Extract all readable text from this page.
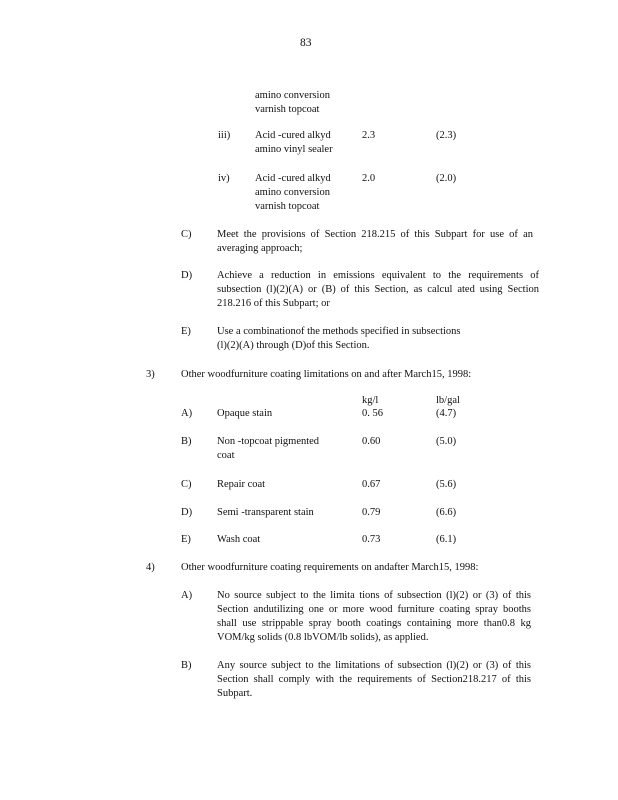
83
amino conversion
varnish topcoat
iii) Acid -cured alkyd
amino vinyl sealer
2.3	(2.3)
iv) Acid -cured alkyd
amino conversion
varnish topcoat
2.0	(2.0)
C) Meet the provisions of Section 218.215 of this Subpart for use of an averaging approach;
D) Achieve a reduction in emissions equivalent to the requirements of subsection (l)(2)(A) or (B) of this Section, as calcul ated using Section 218.216 of this Subpart; or
E) Use a combinationof the methods specified in subsections
(l)(2)(A) through (D)of this Section.
3)	Other woodfurniture coating limitations on and after March15, 1998:
kg/l	lb/gal
A) Opaque stain	0. 56	(4.7)
B) Non -topcoat pigmented
coat
0.60	(5.0)
C) Repair coat	0.67	(5.6)
D) Semi -transparent stain	0.79	(6.6)
E) Wash coat	0.73	(6.1)
4)	Other woodfurniture coating requirements on andafter March15, 1998:
A) No source subject to the limita tions of subsection (l)(2) or (3) of this Section andutilizing one or more wood furniture coating spray booths shall use strippable spray booth coatings containing more than0.8 kg VOM/kg solids (0.8 lbVOM/lb solids), as applied.
B) Any source subject to the limitations of subsection (l)(2) or (3) of this Section shall comply with the requirements of Section218.217 of this Subpart.
